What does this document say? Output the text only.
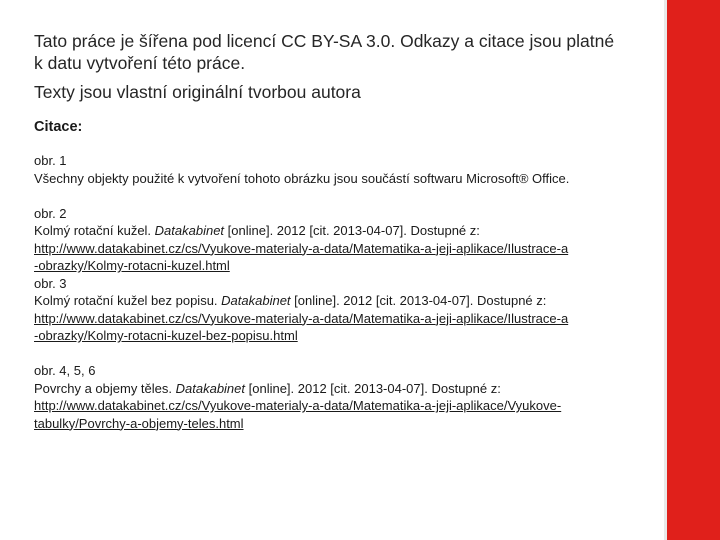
Tato práce je šířena pod licencí CC BY-SA 3.0. Odkazy a citace jsou platné
k datu vytvoření této práce.

Texty jsou vlastní originální tvorbou autora

Citace:

obr. 1
Všechny objekty použité k vytvoření tohoto obrázku jsou součástí softwaru Microsoft® Office.
obr. 2
Kolmý rotační kužel. Datakabinet [online]. 2012 [cit. 2013-04-07]. Dostupné z:
http://www.datakabinet.cz/cs/Vyukove-materialy-a-data/Matematika-a-jeji-aplikace/Ilustrace-a
-obrazky/Kolmy-rotacni-kuzel.html
obr. 3
Kolmý rotační kužel bez popisu. Datakabinet [online]. 2012 [cit. 2013-04-07]. Dostupné z:
http://www.datakabinet.cz/cs/Vyukove-materialy-a-data/Matematika-a-jeji-aplikace/Ilustrace-a
-obrazky/Kolmy-rotacni-kuzel-bez-popisu.html
obr. 4, 5, 6
Povrchy a objemy těles. Datakabinet [online]. 2012 [cit. 2013-04-07]. Dostupné z:
http://www.datakabinet.cz/cs/Vyukove-materialy-a-data/Matematika-a-jeji-aplikace/Vyukove-
tabulky/Povrchy-a-objemy-teles.html
